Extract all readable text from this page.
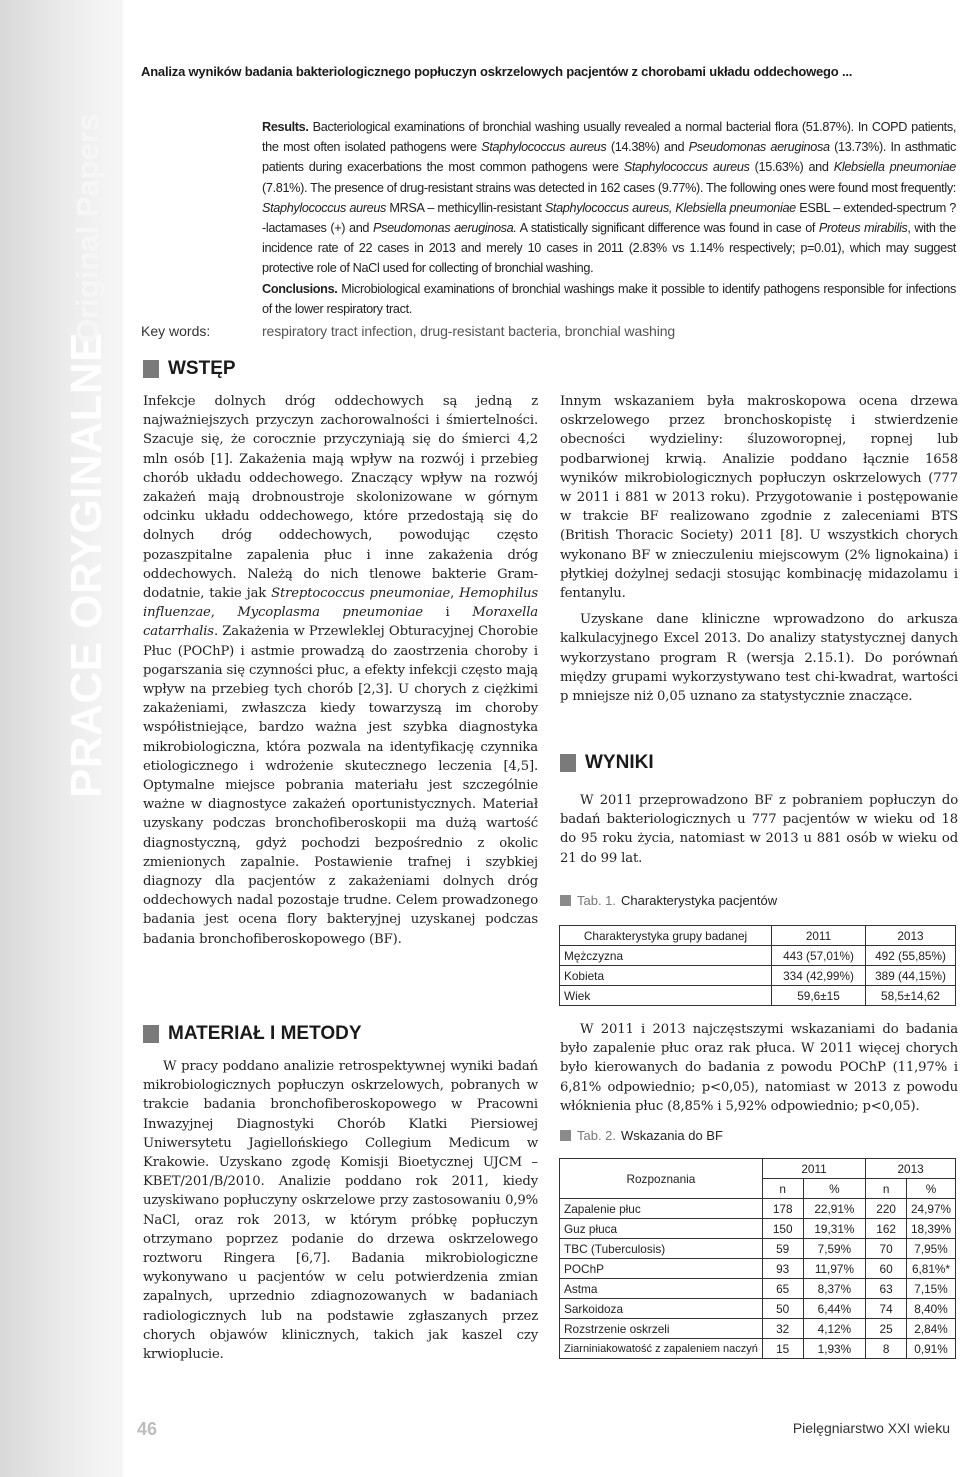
PRACE ORYGINALNE
Original Papers
Analiza wyników badania bakteriologicznego popłuczyn oskrzelowych pacjentów z chorobami układu oddechowego ...

Results. Bacteriological examinations of bronchial washing usually revealed a normal bacterial flora (51.87%). In COPD patients, the most often isolated pathogens were Staphylococcus aureus (14.38%) and Pseudomonas aeruginosa (13.73%). In asthmatic patients during exacerbations the most common pathogens were Staphylococcus aureus (15.63%) and Klebsiella pneumoniae (7.81%). The presence of drug-resistant strains was detected in 162 cases (9.77%). The following ones were found most frequently: Staphylococcus aureus MRSA – methicyllin-resistant Staphylococcus aureus, Klebsiella pneumoniae ESBL – extended-spectrum ?-lactamases (+) and Pseudomonas aeruginosa. A statistically significant difference was found in case of Proteus mirabilis, with the incidence rate of 22 cases in 2013 and merely 10 cases in 2011 (2.83% vs 1.14% respectively; p=0.01), which may suggest protective role of NaCl used for collecting of bronchial washing.

Conclusions. Microbiological examinations of bronchial washings make it possible to identify pathogens responsible for infections of the lower respiratory tract.

Key words:	respiratory tract infection, drug-resistant bacteria, bronchial washing
WSTĘP

Infekcje dolnych dróg oddechowych są jedną z najważniejszych przyczyn zachorowalności i śmiertelności. Szacuje się, że corocznie przyczyniają się do śmierci 4,2 mln osób [1]. Zakażenia mają wpływ na rozwój i przebieg chorób układu oddechowego. Znaczący wpływ na rozwój zakażeń mają drobnoustroje skolonizowane w górnym odcinku układu oddechowego, które przedostają się do dolnych dróg oddechowych, powodując często pozaszpitalne zapalenia płuc i inne zakażenia dróg oddechowych. Należą do nich tlenowe bakterie Gram-dodatnie, takie jak Streptococcus pneumoniae, Hemophilus influenzae, Mycoplasma pneumoniae i Moraxella catarrhalis. Zakażenia w Przewleklej Obturacyjnej Chorobie Płuc (POChP) i astmie prowadzą do zaostrzenia choroby i pogarszania się czynności płuc, a efekty infekcji często mają wpływ na przebieg tych chorób [2,3]. U chorych z ciężkimi zakażeniami, zwłaszcza kiedy towarzyszą im choroby współistniejące, bardzo ważna jest szybka diagnostyka mikrobiologiczna, która pozwala na identyfikację czynnika etiologicznego i wdrożenie skutecznego leczenia [4,5]. Optymalne miejsce pobrania materiału jest szczególnie ważne w diagnostyce zakażeń oportunistycznych. Materiał uzyskany podczas bronchofiberoskopii ma dużą wartość diagnostyczną, gdyż pochodzi bezpośrednio z okolic zmienionych zapalnie. Postawienie trafnej i szybkiej diagnozy dla pacjentów z zakażeniami dolnych dróg oddechowych nadal pozostaje trudne. Celem prowadzonego badania jest ocena flory bakteryjnej uzyskanej podczas badania bronchofiberoskopowego (BF).

MATERIAŁ I METODY

W pracy poddano analizie retrospektywnej wyniki badań mikrobiologicznych popłuczyn oskrzelowych, pobranych w trakcie badania bronchofiberoskopowego w Pracowni Inwazyjnej Diagnostyki Chorób Klatki Piersiowej Uniwersytetu Jagiellońskiego Collegium Medicum w Krakowie. Uzyskano zgodę Komisji Bioetycznej UJCM – KBET/201/B/2010. Analizie poddano rok 2011, kiedy uzyskiwano popłuczyny oskrzelowe przy zastosowaniu 0,9% NaCl, oraz rok 2013, w którym próbkę popłuczyn otrzymano poprzez podanie do drzewa oskrzelowego roztworu Ringera [6,7]. Badania mikrobiologiczne wykonywano u pacjentów w celu potwierdzenia zmian zapalnych, uprzednio zdiagnozowanych w badaniach radiologicznych lub na podstawie zgłaszanych przez chorych objawów klinicznych, takich jak kaszel czy krwioplucie.

Innym wskazaniem była makroskopowa ocena drzewa oskrzelowego przez bronchoskopistę i stwierdzenie obecności wydzieliny: śluzoworopnej, ropnej lub podbarwionej krwią. Analizie poddano łącznie 1658 wyników mikrobiologicznych popłuczyn oskrzelowych (777 w 2011 i 881 w 2013 roku). Przygotowanie i postępowanie w trakcie BF realizowano zgodnie z zaleceniami BTS (British Thoracic Society) 2011 [8]. U wszystkich chorych wykonano BF w znieczuleniu miejscowym (2% lignokaina) i płytkiej dożylnej sedacji stosując kombinację midazolamu i fentanylu.

Uzyskane dane kliniczne wprowadzono do arkusza kalkulacyjnego Excel 2013. Do analizy statystycznej danych wykorzystano program R (wersja 2.15.1). Do porównań między grupami wykorzystywano test chi-kwadrat, wartości p mniejsze niż 0,05 uznano za statystycznie znaczące.

WYNIKI

W 2011 przeprowadzono BF z pobraniem popłuczyn do badań bakteriologicznych u 777 pacjentów w wieku od 18 do 95 roku życia, natomiast w 2013 u 881 osób w wieku od 21 do 99 lat.

Tab. 1. Charakterystyka pacjentów
Charakterystyka grupy badanej	2011	2013
Mężczyzna	443 (57,01%)	492 (55,85%)
Kobieta	334 (42,99%)	389 (44,15%)
Wiek	59,6±15	58,5±14,62

W 2011 i 2013 najczęstszymi wskazaniami do badania było zapalenie płuc oraz rak płuca. W 2011 więcej chorych było kierowanych do badania z powodu POChP (11,97% i 6,81% odpowiednio; p<0,05), natomiast w 2013 z powodu włóknienia płuc (8,85% i 5,92% odpowiednio; p<0,05).

Tab. 2. Wskazania do BF
Rozpoznania	2011		2013	
	n	%	n	%
Zapalenie płuc	178	22,91%	220	24,97%
Guz płuca	150	19,31%	162	18,39%
TBC (Tuberculosis)	59	7,59%	70	7,95%
POChP	93	11,97%	60	6,81%*
Astma	65	8,37%	63	7,15%
Sarkoidoza	50	6,44%	74	8,40%
Rozstrzenie oskrzeli	32	4,12%	25	2,84%
Ziarniniakowatość z zapaleniem naczyń	15	1,93%	8	0,91%
46	Pielęgniarstwo XXI wieku
